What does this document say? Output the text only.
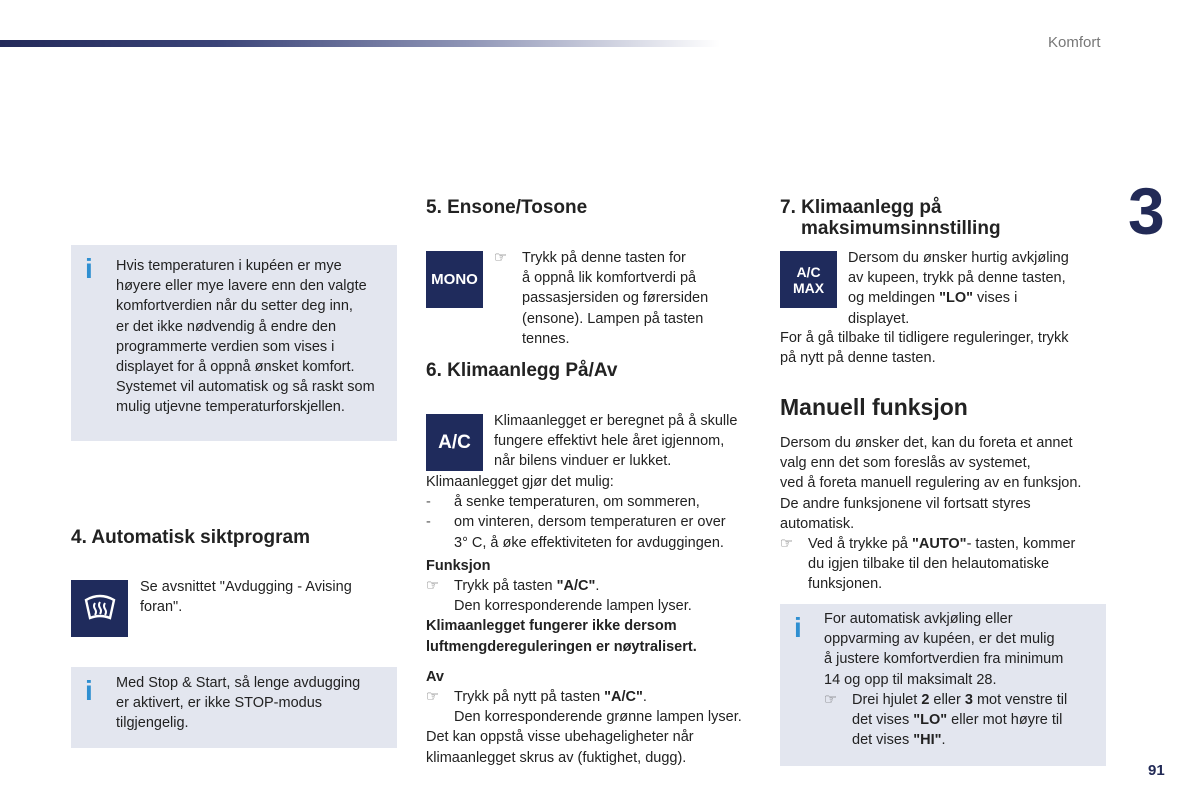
Komfort
3
91
i Hvis temperaturen i kupéen er mye
høyere eller mye lavere enn den valgte
komfortverdien når du setter deg inn,
er det ikke nødvendig å endre den
programmerte verdien som vises i
displayet for å oppnå ønsket komfort.
Systemet vil automatisk og så raskt som
mulig utjevne temperaturforskjellen.
4. Automatisk siktprogram
Se avsnittet "Avdugging - Avising
foran".
i Med Stop & Start, så lenge avdugging
er aktivert, er ikke STOP-modus
tilgjengelig.
5. Ensone/Tosone
MONO
☞ Trykk på denne tasten for
å oppnå lik komfortverdi på
passasjersiden og førersiden
(ensone). Lampen på tasten
tennes.
6. Klimaanlegg På/Av
A/C
Klimaanlegget er beregnet på å skulle
fungere effektivt hele året igjennom,
når bilens vinduer er lukket.
Klimaanlegget gjør det mulig:
- å senke temperaturen, om sommeren,
- om vinteren, dersom temperaturen er over
3° C, å øke effektiviteten for avduggingen.
Funksjon
☞ Trykk på tasten "A/C".
Den korresponderende lampen lyser.
Klimaanlegget fungerer ikke dersom
luftmengdereguleringen er nøytralisert.
Av
☞ Trykk på nytt på tasten "A/C".
Den korresponderende grønne lampen lyser.
Det kan oppstå visse ubehageligheter når
klimaanlegget skrus av (fuktighet, dugg).
7. Klimaanlegg på
maksimumsinnstilling
A/C
MAX
Dersom du ønsker hurtig avkjøling
av kupeen, trykk på denne tasten,
og meldingen "LO" vises i
displayet.
For å gå tilbake til tidligere reguleringer, trykk
på nytt på denne tasten.
Manuell funksjon
Dersom du ønsker det, kan du foreta et annet
valg enn det som foreslås av systemet,
ved å foreta manuell regulering av en funksjon.
De andre funksjonene vil fortsatt styres
automatisk.
☞ Ved å trykke på "AUTO"- tasten, kommer
du igjen tilbake til den helautomatiske
funksjonen.
i For automatisk avkjøling eller
oppvarming av kupéen, er det mulig
å justere komfortverdien fra minimum
14 og opp til maksimalt 28.
☞ Drei hjulet 2 eller 3 mot venstre til
det vises "LO" eller mot høyre til
det vises "HI".
